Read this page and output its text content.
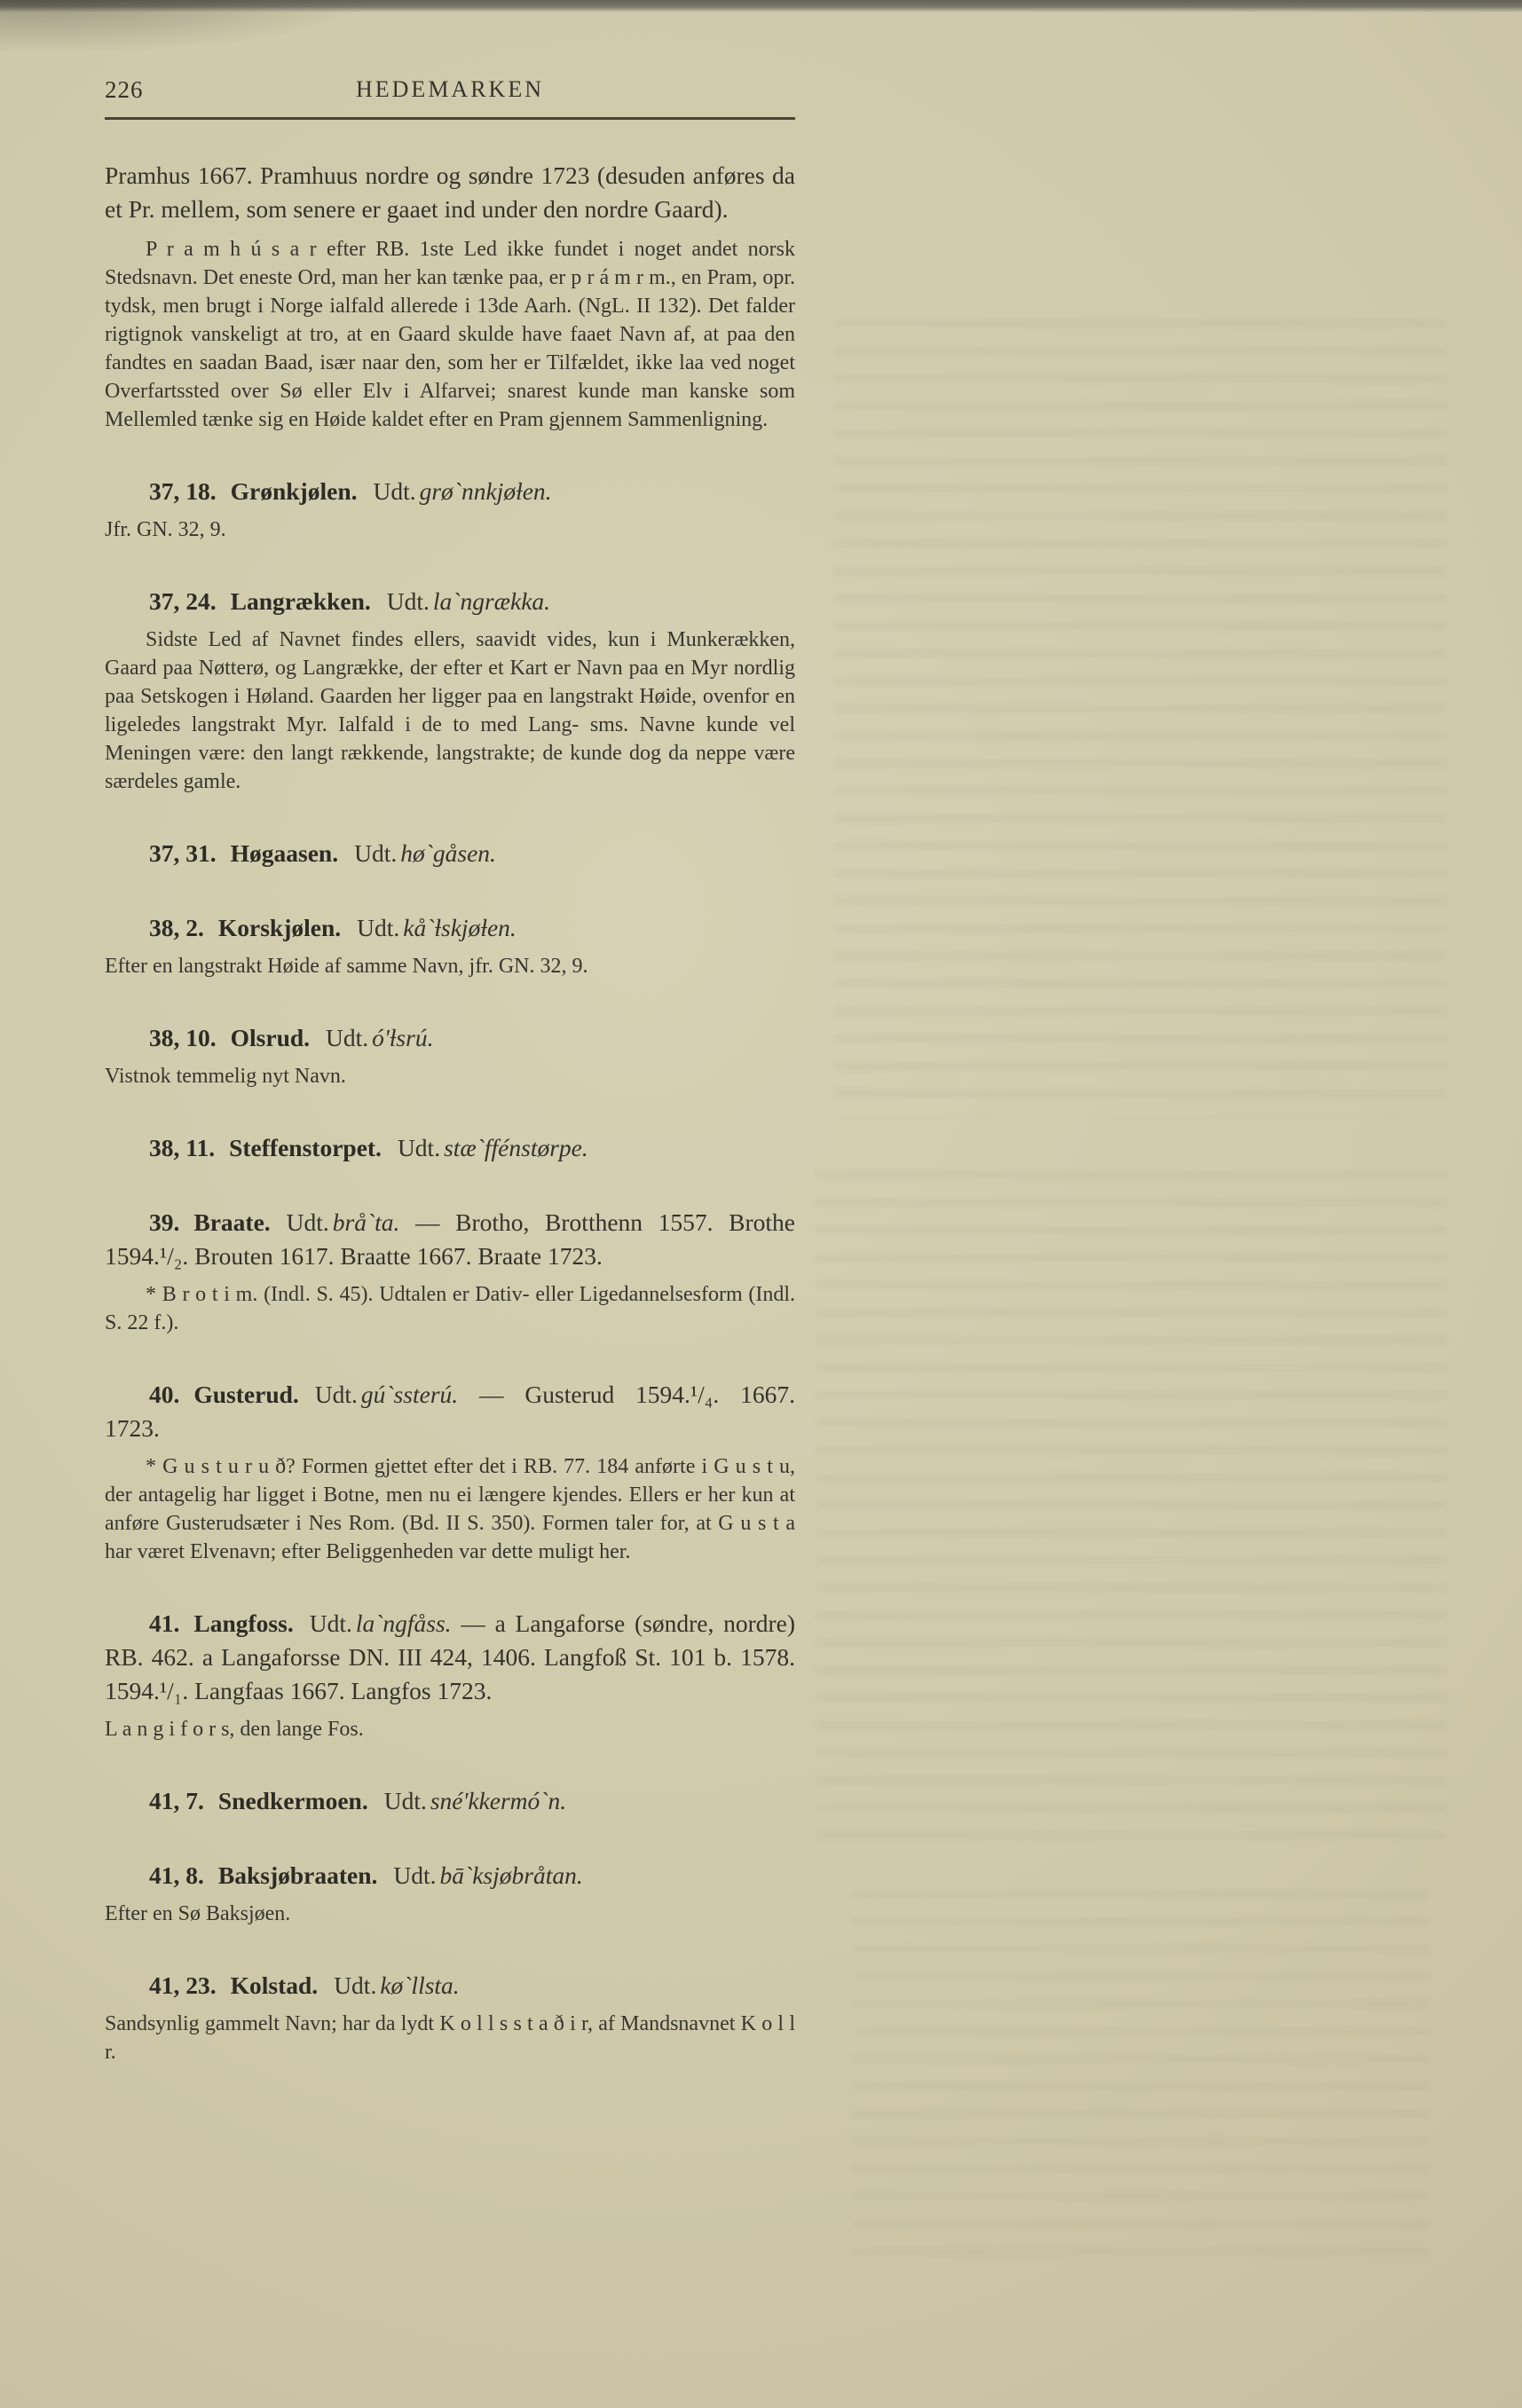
226	HEDEMARKEN

Pramhus 1667. Pramhuus nordre og søndre 1723 (desuden anføres da et Pr. mellem, som senere er gaaet ind under den nordre Gaard).

P r a m h ú s a r efter RB. 1ste Led ikke fundet i noget andet norsk Stedsnavn. Det eneste Ord, man her kan tænke paa, er p r á m r m., en Pram, opr. tydsk, men brugt i Norge ialfald allerede i 13de Aarh. (NgL. II 132). Det falder rigtignok vanskeligt at tro, at en Gaard skulde have faaet Navn af, at paa den fandtes en saadan Baad, især naar den, som her er Tilfældet, ikke laa ved noget Overfartssted over Sø eller Elv i Alfarvei; snarest kunde man kanske som Mellemled tænke sig en Høide kaldet efter en Pram gjennem Sammenligning.

37, 18. Grønkjølen. Udt. grø`nnkjøƚen.

Jfr. GN. 32, 9.

37, 24. Langrækken. Udt. la`ngrækka.

Sidste Led af Navnet findes ellers, saavidt vides, kun i Munkerækken, Gaard paa Nøtterø, og Langrække, der efter et Kart er Navn paa en Myr nordlig paa Setskogen i Høland. Gaarden her ligger paa en langstrakt Høide, ovenfor en ligeledes langstrakt Myr. Ialfald i de to med Lang- sms. Navne kunde vel Meningen være: den langt rækkende, langstrakte; de kunde dog da neppe være særdeles gamle.

37, 31. Høgaasen. Udt. hø`gåsen.

38, 2. Korskjølen. Udt. kå`ƚskjøƚen.

Efter en langstrakt Høide af samme Navn, jfr. GN. 32, 9.

38, 10. Olsrud. Udt. ó'ƚsrú.

Vistnok temmelig nyt Navn.

38, 11. Steffenstorpet. Udt. stæ`ffénstørpe.

39. Braate. Udt. brå`ta. — Brotho, Brotthenn 1557. Brothe 1594.¹/₂. Brouten 1617. Braatte 1667. Braate 1723.

* B r o t i m. (Indl. S. 45). Udtalen er Dativ- eller Ligedannelsesform (Indl. S. 22 f.).

40. Gusterud. Udt. gú`ssterú. — Gusterud 1594.¹/₄. 1667. 1723.

* G u s t u r u ð? Formen gjettet efter det i RB. 77. 184 anførte i G u s t u, der antagelig har ligget i Botne, men nu ei længere kjendes. Ellers er her kun at anføre Gusterudsæter i Nes Rom. (Bd. II S. 350). Formen taler for, at G u s t a har været Elvenavn; efter Beliggenheden var dette muligt her.

41. Langfoss. Udt. la`ngfåss. — a Langaforse (søndre, nordre) RB. 462. a Langaforsse DN. III 424, 1406. Langfoß St. 101 b. 1578. 1594.¹/₁. Langfaas 1667. Langfos 1723.

L a n g i f o r s, den lange Fos.

41, 7. Snedkermoen. Udt. sné'kkermó`n.

41, 8. Baksjøbraaten. Udt. bā`ksjøbråtan.

Efter en Sø Baksjøen.

41, 23. Kolstad. Udt. kø`llsta.

Sandsynlig gammelt Navn; har da lydt K o l l s s t a ð i r, af Mandsnavnet K o l l r.
